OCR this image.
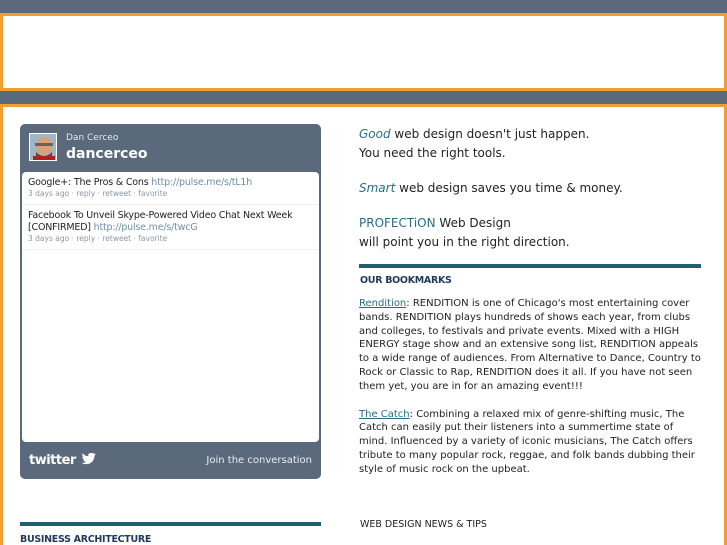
Dan Cerceo
dancerceo
Google+: The Pros & Cons http://pulse.me/s/tL1h
3 days ago · reply · retweet · favorite
Facebook To Unveil Skype-Powered Video Chat Next Week [CONFIRMED] http://pulse.me/s/twcG
3 days ago · reply · retweet · favorite
twitter	Join the conversation
BUSINESS ARCHITECTURE

Good web design doesn't just happen.
You need the right tools.

Smart web design saves you time & money.

PROFECTiON Web Design
will point you in the right direction.

OUR BOOKMARKS

Rendition: RENDITION is one of Chicago's most entertaining cover bands. RENDITION plays hundreds of shows each year, from clubs and colleges, to festivals and private events. Mixed with a HIGH ENERGY stage show and an extensive song list, RENDITION appeals to a wide range of audiences. From Alternative to Dance, Country to Rock or Classic to Rap, RENDITION does it all. If you have not seen them yet, you are in for an amazing event!!!

The Catch: Combining a relaxed mix of genre-shifting music, The Catch can easily put their listeners into a summertime state of mind. Influenced by a variety of iconic musicians, The Catch offers tribute to many popular rock, reggae, and folk bands dubbing their style of music rock on the upbeat.

WEB DESIGN NEWS & TIPS
